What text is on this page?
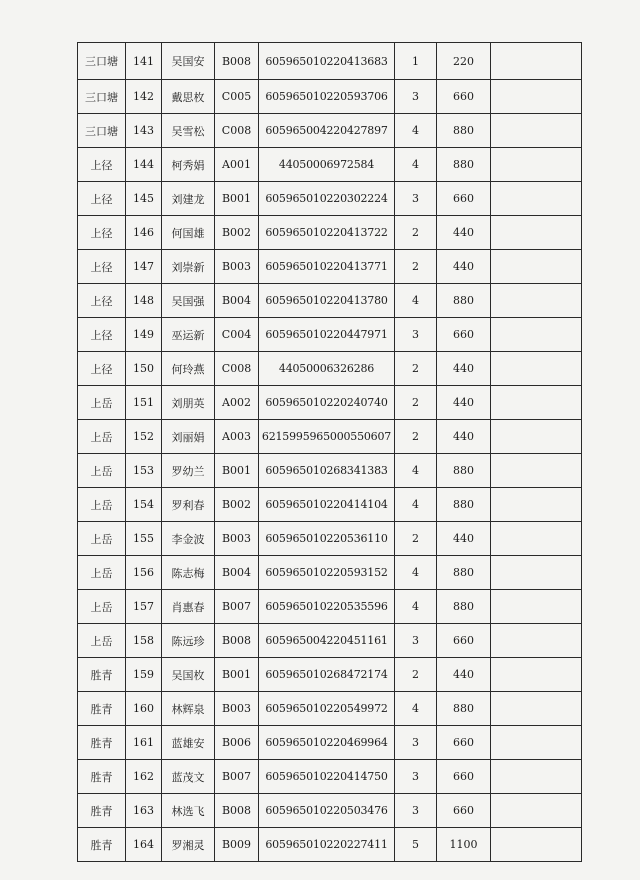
三口塘	141	吴国安	B008	605965010220413683	1	220	
三口塘	142	戴思枚	C005	605965010220593706	3	660	
三口塘	143	吴雪松	C008	605965004220427897	4	880	
上径	144	柯秀娟	A001	44050006972584	4	880	
上径	145	刘建龙	B001	605965010220302224	3	660	
上径	146	何国雄	B002	605965010220413722	2	440	
上径	147	刘崇新	B003	605965010220413771	2	440	
上径	148	吴国强	B004	605965010220413780	4	880	
上径	149	巫运新	C004	605965010220447971	3	660	
上径	150	何玲燕	C008	44050006326286	2	440	
上岳	151	刘朋英	A002	605965010220240740	2	440	
上岳	152	刘丽娟	A003	6215995965000550607	2	440	
上岳	153	罗幼兰	B001	605965010268341383	4	880	
上岳	154	罗利春	B002	605965010220414104	4	880	
上岳	155	李金波	B003	605965010220536110	2	440	
上岳	156	陈志梅	B004	605965010220593152	4	880	
上岳	157	肖惠春	B007	605965010220535596	4	880	
上岳	158	陈远珍	B008	605965004220451161	3	660	
胜青	159	吴国枚	B001	605965010268472174	2	440	
胜青	160	林辉泉	B003	605965010220549972	4	880	
胜青	161	蓝雄安	B006	605965010220469964	3	660	
胜青	162	蓝茂文	B007	605965010220414750	3	660	
胜青	163	林选飞	B008	605965010220503476	3	660	
胜青	164	罗湘灵	B009	605965010220227411	5	1100	
